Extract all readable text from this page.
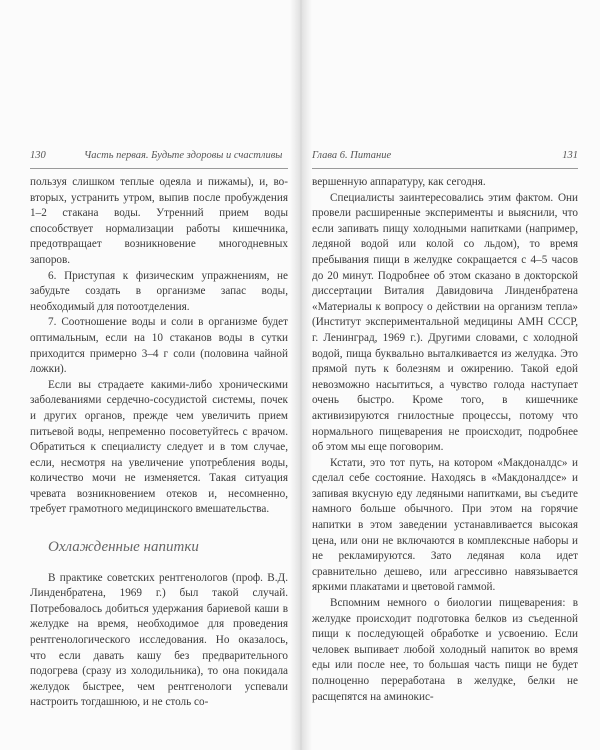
130	Часть первая. Будьте здоровы и счастливы

пользуя слишком теплые одеяла и пижамы), и, во-вторых, устранить утром, выпив после пробуждения 1–2 стакана воды. Утренний прием воды способствует нормализации работы кишечника, предотвращает возникновение многодневных запоров.

6. Приступая к физическим упражнениям, не забудьте создать в организме запас воды, необходимый для потоотделения.

7. Соотношение воды и соли в организме будет оптимальным, если на 10 стаканов воды в сутки приходится примерно 3–4 г соли (половина чайной ложки).

Если вы страдаете какими-либо хроническими заболеваниями сердечно-сосудистой системы, почек и других органов, прежде чем увеличить прием питьевой воды, непременно посоветуйтесь с врачом. Обратиться к специалисту следует и в том случае, если, несмотря на увеличение употребления воды, количество мочи не изменяется. Такая ситуация чревата возникновением отеков и, несомненно, требует грамотного медицинского вмешательства.

Охлажденные напитки

В практике советских рентгенологов (проф. В.Д. Линденбратена, 1969 г.) был такой случай. Потребовалось добиться удержания бариевой каши в желудке на время, необходимое для проведения рентгенологического исследования. Но оказалось, что если давать кашу без предварительного подогрева (сразу из холодильника), то она покидала желудок быстрее, чем рентгенологи успевали настроить тогдашнюю, и не столь со-

Глава 6. Питание	131

вершенную аппаратуру, как сегодня.

Специалисты заинтересовались этим фактом. Они провели расширенные эксперименты и выяснили, что если запивать пищу холодными напитками (например, ледяной водой или колой со льдом), то время пребывания пищи в желудке сокращается с 4–5 часов до 20 минут. Подробнее об этом сказано в докторской диссертации Виталия Давидовича Линденбратена «Материалы к вопросу о действии на организм тепла» (Институт экспериментальной медицины АМН СССР, г. Ленинград, 1969 г.). Другими словами, с холодной водой, пища буквально выталкивается из желудка. Это прямой путь к болезням и ожирению. Такой едой невозможно насытиться, а чувство голода наступает очень быстро. Кроме того, в кишечнике активизируются гнилостные процессы, потому что нормального пищеварения не происходит, подробнее об этом мы еще поговорим.

Кстати, это тот путь, на котором «Макдоналдс» и сделал себе состояние. Находясь в «Макдоналдсе» и запивая вкусную еду ледяными напитками, вы съедите намного больше обычного. При этом на горячие напитки в этом заведении устанавливается высокая цена, или они не включаются в комплексные наборы и не рекламируются. Зато ледяная кола идет сравнительно дешево, или агрессивно навязывается яркими плакатами и цветовой гаммой.

Вспомним немного о биологии пищеварения: в желудке происходит подготовка белков из съеденной пищи к последующей обработке и усвоению. Если человек выпивает любой холодный напиток во время еды или после нее, то большая часть пищи не будет полноценно переработана в желудке, белки не расщепятся на аминокис-
